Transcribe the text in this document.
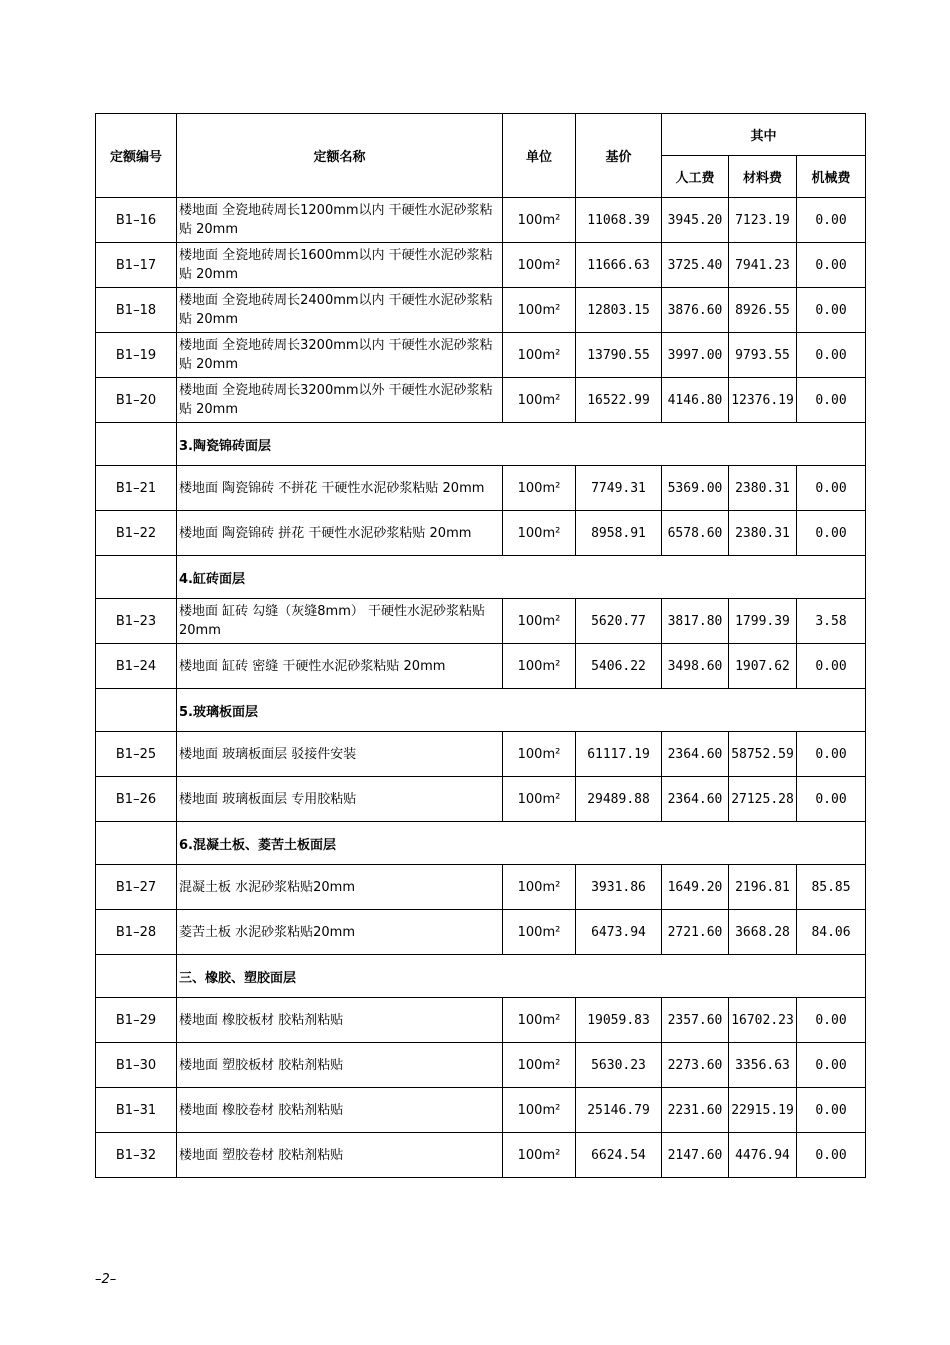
定额编号	定额名称	单位	基价	其中		
				人工费	材料费	机械费
B1–16	楼地面 全瓷地砖周长1200mm以内 干硬性水泥砂浆粘贴 20mm	100m²	11068.39	3945.20	7123.19	0.00
B1–17	楼地面 全瓷地砖周长1600mm以内 干硬性水泥砂浆粘贴 20mm	100m²	11666.63	3725.40	7941.23	0.00
B1–18	楼地面 全瓷地砖周长2400mm以内 干硬性水泥砂浆粘贴 20mm	100m²	12803.15	3876.60	8926.55	0.00
B1–19	楼地面 全瓷地砖周长3200mm以内 干硬性水泥砂浆粘贴 20mm	100m²	13790.55	3997.00	9793.55	0.00
B1–20	楼地面 全瓷地砖周长3200mm以外 干硬性水泥砂浆粘贴 20mm	100m²	16522.99	4146.80	12376.19	0.00
	3.陶瓷锦砖面层					
B1–21	楼地面 陶瓷锦砖 不拼花 干硬性水泥砂浆粘贴 20mm	100m²	7749.31	5369.00	2380.31	0.00
B1–22	楼地面 陶瓷锦砖 拼花 干硬性水泥砂浆粘贴 20mm	100m²	8958.91	6578.60	2380.31	0.00
	4.缸砖面层					
B1–23	楼地面 缸砖 勾缝（灰缝8mm） 干硬性水泥砂浆粘贴 20mm	100m²	5620.77	3817.80	1799.39	3.58
B1–24	楼地面 缸砖 密缝 干硬性水泥砂浆粘贴 20mm	100m²	5406.22	3498.60	1907.62	0.00
	5.玻璃板面层					
B1–25	楼地面 玻璃板面层 驳接件安装	100m²	61117.19	2364.60	58752.59	0.00
B1–26	楼地面 玻璃板面层 专用胶粘贴	100m²	29489.88	2364.60	27125.28	0.00
	6.混凝土板、菱苦土板面层					
B1–27	混凝土板 水泥砂浆粘贴20mm	100m²	3931.86	1649.20	2196.81	85.85
B1–28	菱苦土板 水泥砂浆粘贴20mm	100m²	6473.94	2721.60	3668.28	84.06
	三、橡胶、塑胶面层					
B1–29	楼地面 橡胶板材 胶粘剂粘贴	100m²	19059.83	2357.60	16702.23	0.00
B1–30	楼地面 塑胶板材 胶粘剂粘贴	100m²	5630.23	2273.60	3356.63	0.00
B1–31	楼地面 橡胶卷材 胶粘剂粘贴	100m²	25146.79	2231.60	22915.19	0.00
B1–32	楼地面 塑胶卷材 胶粘剂粘贴	100m²	6624.54	2147.60	4476.94	0.00
–2–
